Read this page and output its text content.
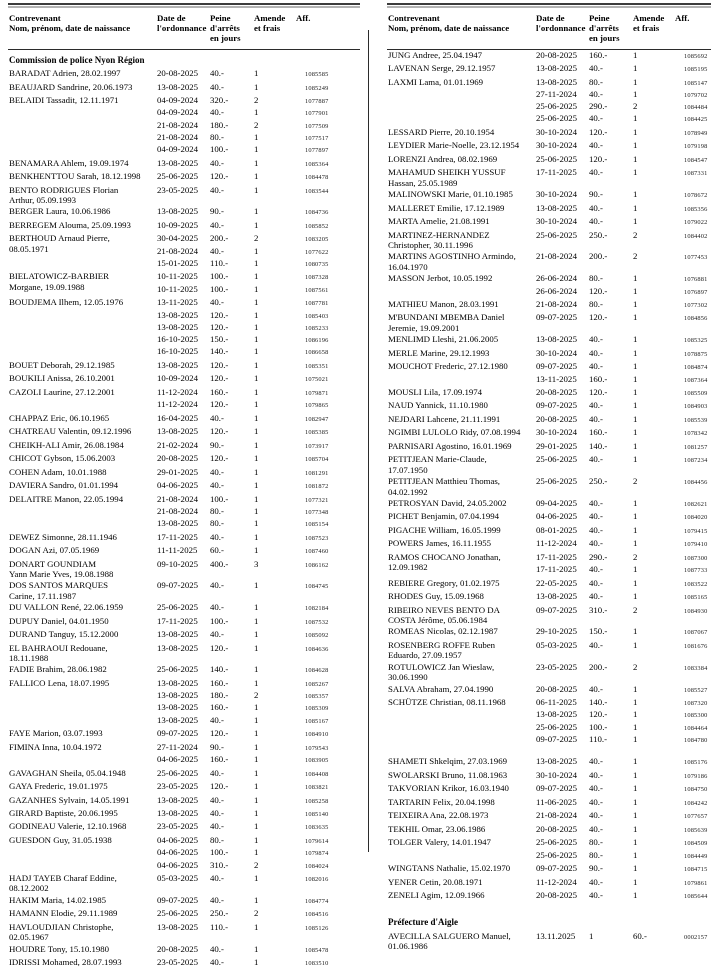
Contrevenant
Nom, prénom, date de naissance
Date de
l'ordonnance
Peine
d'arrêts
en jours
Amende
et frais
Aff.
Commission de police Nyon Région
BARADAT Adrien, 28.02.1997	20-08-2025	40.-	1	1085585
BEAUJARD Sandrine, 20.06.1973	13-08-2025	40.-	1	1085249
BELAIDI Tassadit, 12.11.1971	04-09-2024	320.-	2	1077887
04-09-2024	40.-	1	1077901
21-08-2024	180.-	2	1077509
21-08-2024	80.-	1	1077517
04-09-2024	100.-	1	1077897
BENAMARA Ahlem, 19.09.1974	13-08-2025	40.-	1	1085364
BENKHENTTOU Sarah, 18.12.1998	25-06-2025	120.-	1	1084478
BENTO RODRIGUES Florian
Arthur, 05.09.1993
23-05-2025	40.-	1	1083544
BERGER Laura, 10.06.1986	13-08-2025	90.-	1	1084736
BERREGEM Alouma, 25.09.1993	10-09-2025	40.-	1	1085852
BERTHOUD Arnaud Pierre,
08.05.1971
30-04-2025	200.-	2	1083205
21-08-2024	40.-	1	1077622
15-01-2025	110.-	1	1080735
BIELATOWICZ-BARBIER
Morgane, 19.09.1988
10-11-2025	100.-	1	1087328
10-11-2025	100.-	1	1087561
BOUDJEMA Ilhem, 12.05.1976	13-11-2025	40.-	1	1087781
13-08-2025	120.-	1	1085403
13-08-2025	120.-	1	1085233
16-10-2025	150.-	1	1086196
16-10-2025	140.-	1	1086658
BOUET Deborah, 29.12.1985	13-08-2025	120.-	1	1085351
BOUKILI Anissa, 26.10.2001	10-09-2024	120.-	1	1075021
CAZOLI Laurine, 27.12.2001	11-12-2024	160.-	1	1079871
11-12-2024	120.-	1	1079865
CHAPPAZ Eric, 06.10.1965	16-04-2025	40.-	1	1082947
CHATREAU Valentin, 09.12.1996	13-08-2025	120.-	1	1085385
CHEIKH-ALI Amir, 26.08.1984	21-02-2024	90.-	1	1073917
CHICOT Gybson, 15.06.2003	20-08-2025	120.-	1	1085704
COHEN Adam, 10.01.1988	29-01-2025	40.-	1	1081291
DAVIERA Sandro, 01.01.1994	04-06-2025	40.-	1	1081872
DELAITRE Manon, 22.05.1994	21-08-2024	100.-	1	1077321
21-08-2024	80.-	1	1077348
13-08-2025	80.-	1	1085154
DEWEZ Simonne, 28.11.1946	17-11-2025	40.-	1	1087523
DOGAN Azi, 07.05.1969	11-11-2025	60.-	1	1087460
DONART GOUNDIAM
Yann Marie Yves, 19.08.1988
09-10-2025	400.-	3	1086162
DOS SANTOS MARQUES
Carine, 17.11.1987
09-07-2025	40.-	1	1084745
DU VALLON René, 22.06.1959	25-06-2025	40.-	1	1082184
DUPUY Daniel, 04.01.1950	17-11-2025	100.-	1	1087532
DURAND Tanguy, 15.12.2000	13-08-2025	40.-	1	1085092
EL BAHRAOUI Redouane,
18.11.1988
13-08-2025	120.-	1	1084636
FADIE Brahim, 28.06.1982	25-06-2025	140.-	1	1084628
FALLICO Lena, 18.07.1995	13-08-2025	160.-	1	1085267
13-08-2025	180.-	2	1085357
13-08-2025	160.-	1	1085309
13-08-2025	40.-	1	1085167
FAYE Marion, 03.07.1993	09-07-2025	120.-	1	1084910
FIMINA Inna, 10.04.1972	27-11-2024	90.-	1	1079543
04-06-2025	160.-	1	1083905
GAVAGHAN Sheila, 05.04.1948	25-06-2025	40.-	1	1084408
GAYA Frederic, 19.01.1975	23-05-2025	120.-	1	1083821
GAZANHES Sylvain, 14.05.1991	13-08-2025	40.-	1	1085258
GIRARD Baptiste, 20.06.1995	13-08-2025	40.-	1	1085140
GODINEAU Valerie, 12.10.1968	23-05-2025	40.-	1	1083635
GUESDON Guy, 31.05.1938	04-06-2025	80.-	1	1079614
04-06-2025	100.-	1	1079874
04-06-2025	310.-	2	1084024
HADJ TAYEB Charaf Eddine,
08.12.2002
05-03-2025	40.-	1	1082016
HAKIM Maria, 14.02.1985	09-07-2025	40.-	1	1084774
HAMANN Elodie, 29.11.1989	25-06-2025	250.-	2	1084516
HAVLOUDJIAN Christophe,
02.05.1967
13-08-2025	110.-	1	1085126
HOUDRE Tony, 15.10.1980	20-08-2025	40.-	1	1085478
IDRISSI Mohamed, 28.07.1993	23-05-2025	40.-	1	1083510
Contrevenant
Nom, prénom, date de naissance
Date de
l'ordonnance
Peine
d'arrêts
en jours
Amende
et frais
Aff.
JUNG Andree, 25.04.1947	20-08-2025	160.-	1	1085692
LAVENAN Serge, 29.12.1957	13-08-2025	40.-	1	1085195
LAXMI Lama, 01.01.1969	13-08-2025	80.-	1	1085147
27-11-2024	40.-	1	1079702
25-06-2025	290.-	2	1084484
25-06-2025	40.-	1	1084425
LESSARD Pierre, 20.10.1954	30-10-2024	120.-	1	1078949
LEYDIER Marie-Noelle, 23.12.1954	30-10-2024	40.-	1	1079198
LORENZI Andrea, 08.02.1969	25-06-2025	120.-	1	1084547
MAHAMUD SHEIKH YUSSUF
Hassan, 25.05.1989
17-11-2025	40.-	1	1087331
MALINOWSKI Marie, 01.10.1985	30-10-2024	90.-	1	1078672
MALLERET Emilie, 17.12.1989	13-08-2025	40.-	1	1085356
MARTA Amelie, 21.08.1991	30-10-2024	40.-	1	1079022
MARTINEZ-HERNANDEZ
Christopher, 30.11.1996
25-06-2025	250.-	2	1084402
MARTINS AGOSTINHO Armindo,
16.04.1970
21-08-2024	200.-	2	1077453
MASSON Jerbot, 10.05.1992	26-06-2024	80.-	1	1076881
26-06-2024	120.-	1	1076897
MATHIEU Manon, 28.03.1991	21-08-2024	80.-	1	1077302
M'BUNDANI MBEMBA Daniel
Jeremie, 19.09.2001
09-07-2025	120.-	1	1084856
MENLIMD Lleshi, 21.06.2005	13-08-2025	40.-	1	1085325
MERLE Marine, 29.12.1993	30-10-2024	40.-	1	1078875
MOUCHOT Frederic, 27.12.1980	09-07-2025	40.-	1	1084874
13-11-2025	160.-	1	1087364
MOUSLI Lila, 17.09.1974	20-08-2025	120.-	1	1085509
NAUD Yannick, 11.10.1980	09-07-2025	40.-	1	1084903
NEJDARI Lahcene, 21.11.1991	20-08-2025	40.-	1	1085539
NGIMBI LULOLO Ridy, 07.08.1994	30-10-2024	160.-	1	1078342
PARNISARI Agostino, 16.01.1969	29-01-2025	140.-	1	1081257
PETITJEAN Marie-Claude,
17.07.1950
25-06-2025	40.-	1	1087234
PETITJEAN Matthieu Thomas,
04.02.1992
25-06-2025	250.-	2	1084456
PETROSYAN David, 24.05.2002	09-04-2025	40.-	1	1082621
PICHET Benjamin, 07.04.1994	04-06-2025	40.-	1	1084020
PIGACHE William, 16.05.1999	08-01-2025	40.-	1	1079415
POWERS James, 16.11.1955	11-12-2024	40.-	1	1079410
RAMOS CHOCANO Jonathan,
12.09.1982
17-11-2025	290.-	2	1087300
17-11-2025	40.-	1	1087733
REBIERE Gregory, 01.02.1975	22-05-2025	40.-	1	1083522
RHODES Guy, 15.09.1968	13-08-2025	40.-	1	1085165
RIBEIRO NEVES BENTO DA
COSTA Jérôme, 05.06.1984
09-07-2025	310.-	2	1084930
ROMEAS Nicolas, 02.12.1987	29-10-2025	150.-	1	1087067
ROSENBERG ROFFE Ruben
Eduardo, 27.09.1957
05-03-2025	40.-	1	1081676
ROTULOWICZ Jan Wieslaw,
30.06.1990
23-05-2025	200.-	2	1083384
SALVA Abraham, 27.04.1990	20-08-2025	40.-	1	1085527
SCHÜTZE Christian, 08.11.1968	06-11-2025	140.-	1	1087320
13-08-2025	120.-	1	1085300
25-06-2025	100.-	1	1084464
09-07-2025	110.-	1	1084780
SHAMETI Shkelqim, 27.03.1969	13-08-2025	40.-	1	1085176
SWOLARSKI Bruno, 11.08.1963	30-10-2024	40.-	1	1079186
TAKVORIAN Krikor, 16.03.1940	09-07-2025	40.-	1	1084750
TARTARIN Felix, 20.04.1998	11-06-2025	40.-	1	1084242
TEIXEIRA Ana, 22.08.1973	21-08-2024	40.-	1	1077657
TEKHIL Omar, 23.06.1986	20-08-2025	40.-	1	1085639
TOLGER Valery, 14.01.1947	25-06-2025	80.-	1	1084509
25-06-2025	80.-	1	1084449
WINGTANS Nathalie, 15.02.1970	09-07-2025	90.-	1	1084715
YENER Cetin, 20.08.1971	11-12-2024	40.-	1	1079861
ZENELI Agim, 12.09.1966	20-08-2025	40.-	1	1085644
Préfecture d'Aigle
AVECILLA SALGUERO Manuel,
01.06.1986
13.11.2025	1	60.-	0002157
